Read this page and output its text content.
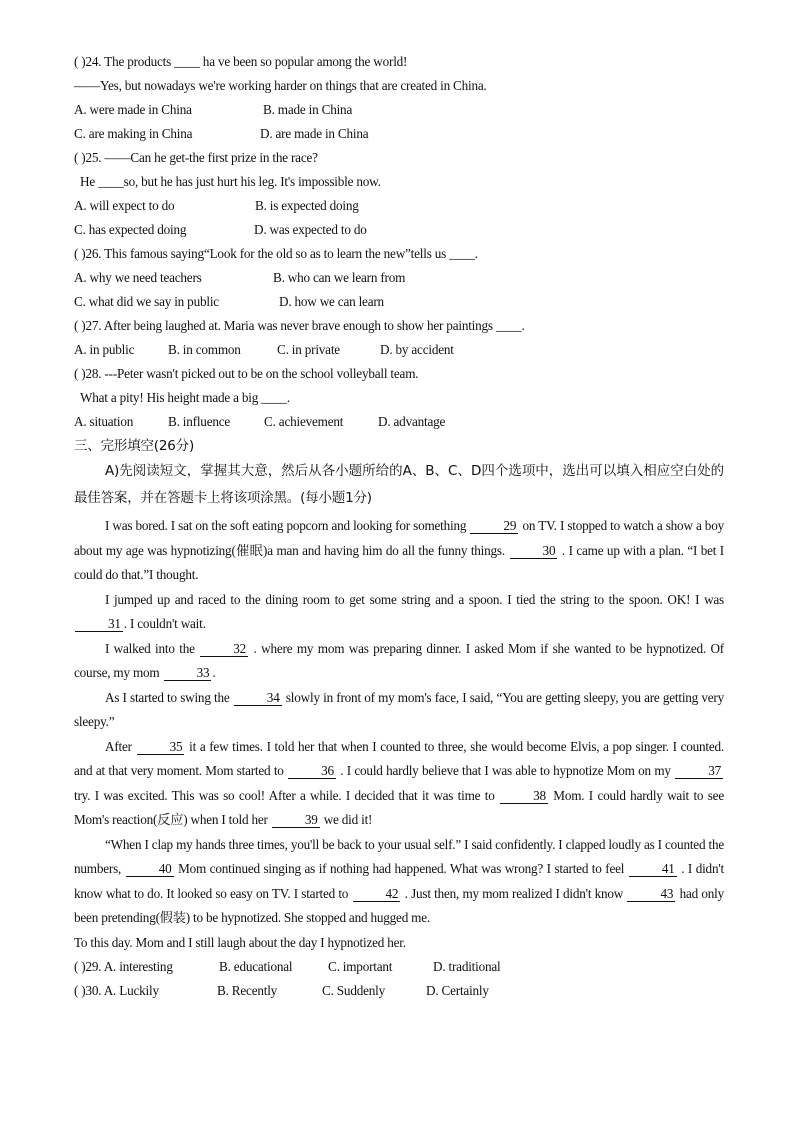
( )24. The products ____ ha ve been so popular among the world!
——Yes, but nowadays we're working harder on things that are created in China.
A. were made in China	B. made in China
C. are making in China	D. are made in China
( )25. ——Can he get-the first prize in the race?
He ____so, but he has just hurt his leg. It's impossible now.
A. will expect to do	B. is expected doing
C. has expected doing	D. was expected to do
( )26. This famous saying“Look for the old so as to learn the new”tells us ____.
A. why we need teachers	B. who can we learn from
C. what did we say in public	D. how we can learn
( )27. After being laughed at. Maria was never brave enough to show her paintings ____.
A. in public	B. in common	C. in private	D. by accident
( )28. ---Peter wasn't picked out to be on the school volleyball team.
What a pity! His height made a big ____.
A. situation	B. influence	C. achievement	D. advantage
三、完形填空(26分)

A)先阅读短文，掌握其大意，然后从各小题所给的A、B、C、D四个选项中，选出可以填入相应空白处的最佳答案，并在答题卡上将该项涂黑。(每小题1分)

I was bored. I sat on the soft eating popcorn and looking for something	29 on TV. I stopped to watch a show a boy about my age was hypnotizing(催眠)a man and having him do all the funny things.	30 . I came up with a plan. “I bet I could do that.”I thought.

I jumped up and raced to the dining room to get some string and a spoon. I tied the string to the spoon. OK! I was 31 . I couldn't wait.

I walked into the	32 . where my mom was preparing dinner. I asked Mom if she wanted to be hypnotized. Of course, my mom	33 .

As I started to swing the	34 slowly in front of my mom's face, I said, “You are getting sleepy, you are getting very sleepy.”

After	35 it a few times. I told her that when I counted to three, she would become Elvis, a pop singer. I counted. and at that very moment. Mom started to	36 . I could hardly believe that I was able to hypnotize Mom on my	37 try. I was excited. This was so cool! After a while. I decided that it was time to	38 Mom. I could hardly wait to see Mom's reaction(反应) when I told her	39 we did it!

“When I clap my hands three times, you'll be back to your usual self.” I said confidently. I clapped loudly as I counted the numbers,	40 Mom continued singing as if nothing had happened. What was wrong? I started to feel	41 . I didn't know what to do. It looked so easy on TV. I started to	42 . Just then, my mom realized I didn't know	43 had only been pretending(假装) to be hypnotized. She stopped and hugged me.

To this day. Mom and I still laugh about the day I hypnotized her.

( )29. A. interesting	B. educational	C. important	D. traditional
( )30. A. Luckily	B. Recently	C. Suddenly	D. Certainly
